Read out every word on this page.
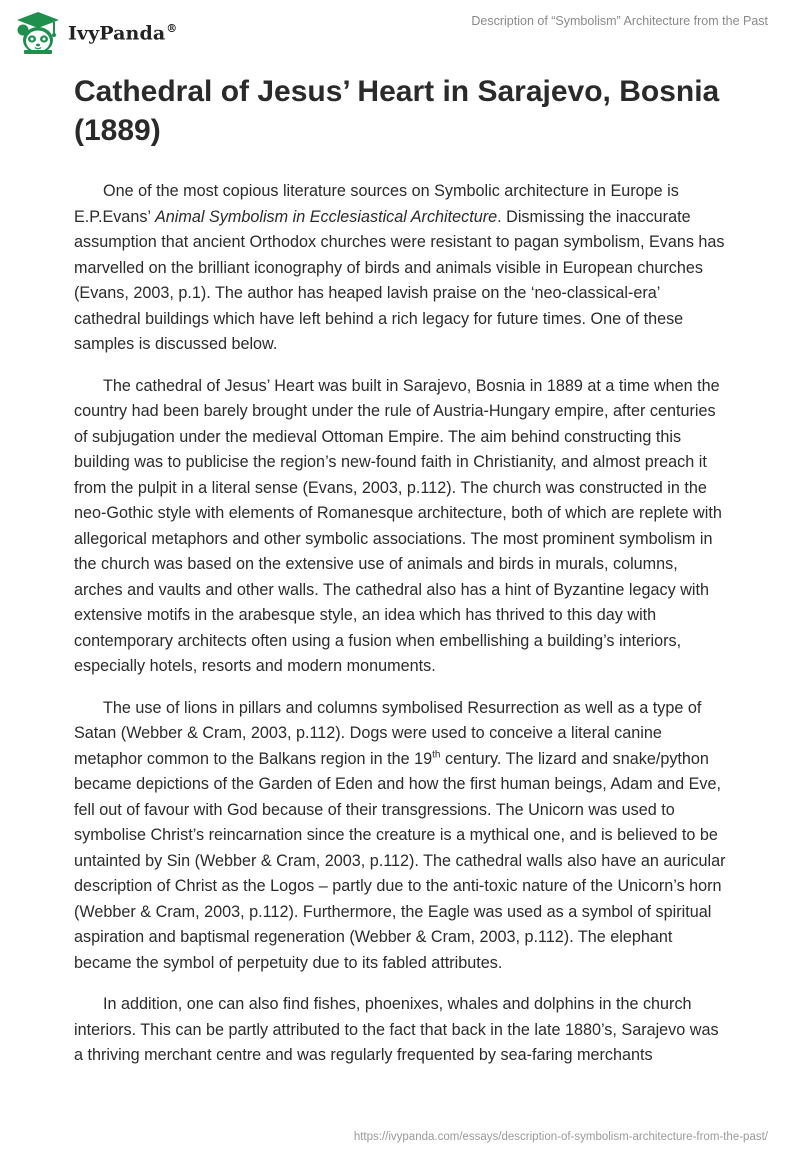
IvyPanda®
Description of “Symbolism” Architecture from the Past
Cathedral of Jesus’ Heart in Sarajevo, Bosnia (1889)

One of the most copious literature sources on Symbolic architecture in Europe is E.P.Evans’ Animal Symbolism in Ecclesiastical Architecture. Dismissing the inaccurate assumption that ancient Orthodox churches were resistant to pagan symbolism, Evans has marvelled on the brilliant iconography of birds and animals visible in European churches (Evans, 2003, p.1). The author has heaped lavish praise on the ‘neo-classical-era’ cathedral buildings which have left behind a rich legacy for future times. One of these samples is discussed below.

The cathedral of Jesus’ Heart was built in Sarajevo, Bosnia in 1889 at a time when the country had been barely brought under the rule of Austria-Hungary empire, after centuries of subjugation under the medieval Ottoman Empire. The aim behind constructing this building was to publicise the region’s new-found faith in Christianity, and almost preach it from the pulpit in a literal sense (Evans, 2003, p.112). The church was constructed in the neo-Gothic style with elements of Romanesque architecture, both of which are replete with allegorical metaphors and other symbolic associations. The most prominent symbolism in the church was based on the extensive use of animals and birds in murals, columns, arches and vaults and other walls. The cathedral also has a hint of Byzantine legacy with extensive motifs in the arabesque style, an idea which has thrived to this day with contemporary architects often using a fusion when embellishing a building’s interiors, especially hotels, resorts and modern monuments.

The use of lions in pillars and columns symbolised Resurrection as well as a type of Satan (Webber & Cram, 2003, p.112). Dogs were used to conceive a literal canine metaphor common to the Balkans region in the 19th century. The lizard and snake/python became depictions of the Garden of Eden and how the first human beings, Adam and Eve, fell out of favour with God because of their transgressions. The Unicorn was used to symbolise Christ’s reincarnation since the creature is a mythical one, and is believed to be untainted by Sin (Webber & Cram, 2003, p.112). The cathedral walls also have an auricular description of Christ as the Logos – partly due to the anti-toxic nature of the Unicorn’s horn (Webber & Cram, 2003, p.112). Furthermore, the Eagle was used as a symbol of spiritual aspiration and baptismal regeneration (Webber & Cram, 2003, p.112). The elephant became the symbol of perpetuity due to its fabled attributes.

In addition, one can also find fishes, phoenixes, whales and dolphins in the church interiors. This can be partly attributed to the fact that back in the late 1880’s, Sarajevo was a thriving merchant centre and was regularly frequented by sea-faring merchants

https://ivypanda.com/essays/description-of-symbolism-architecture-from-the-past/
